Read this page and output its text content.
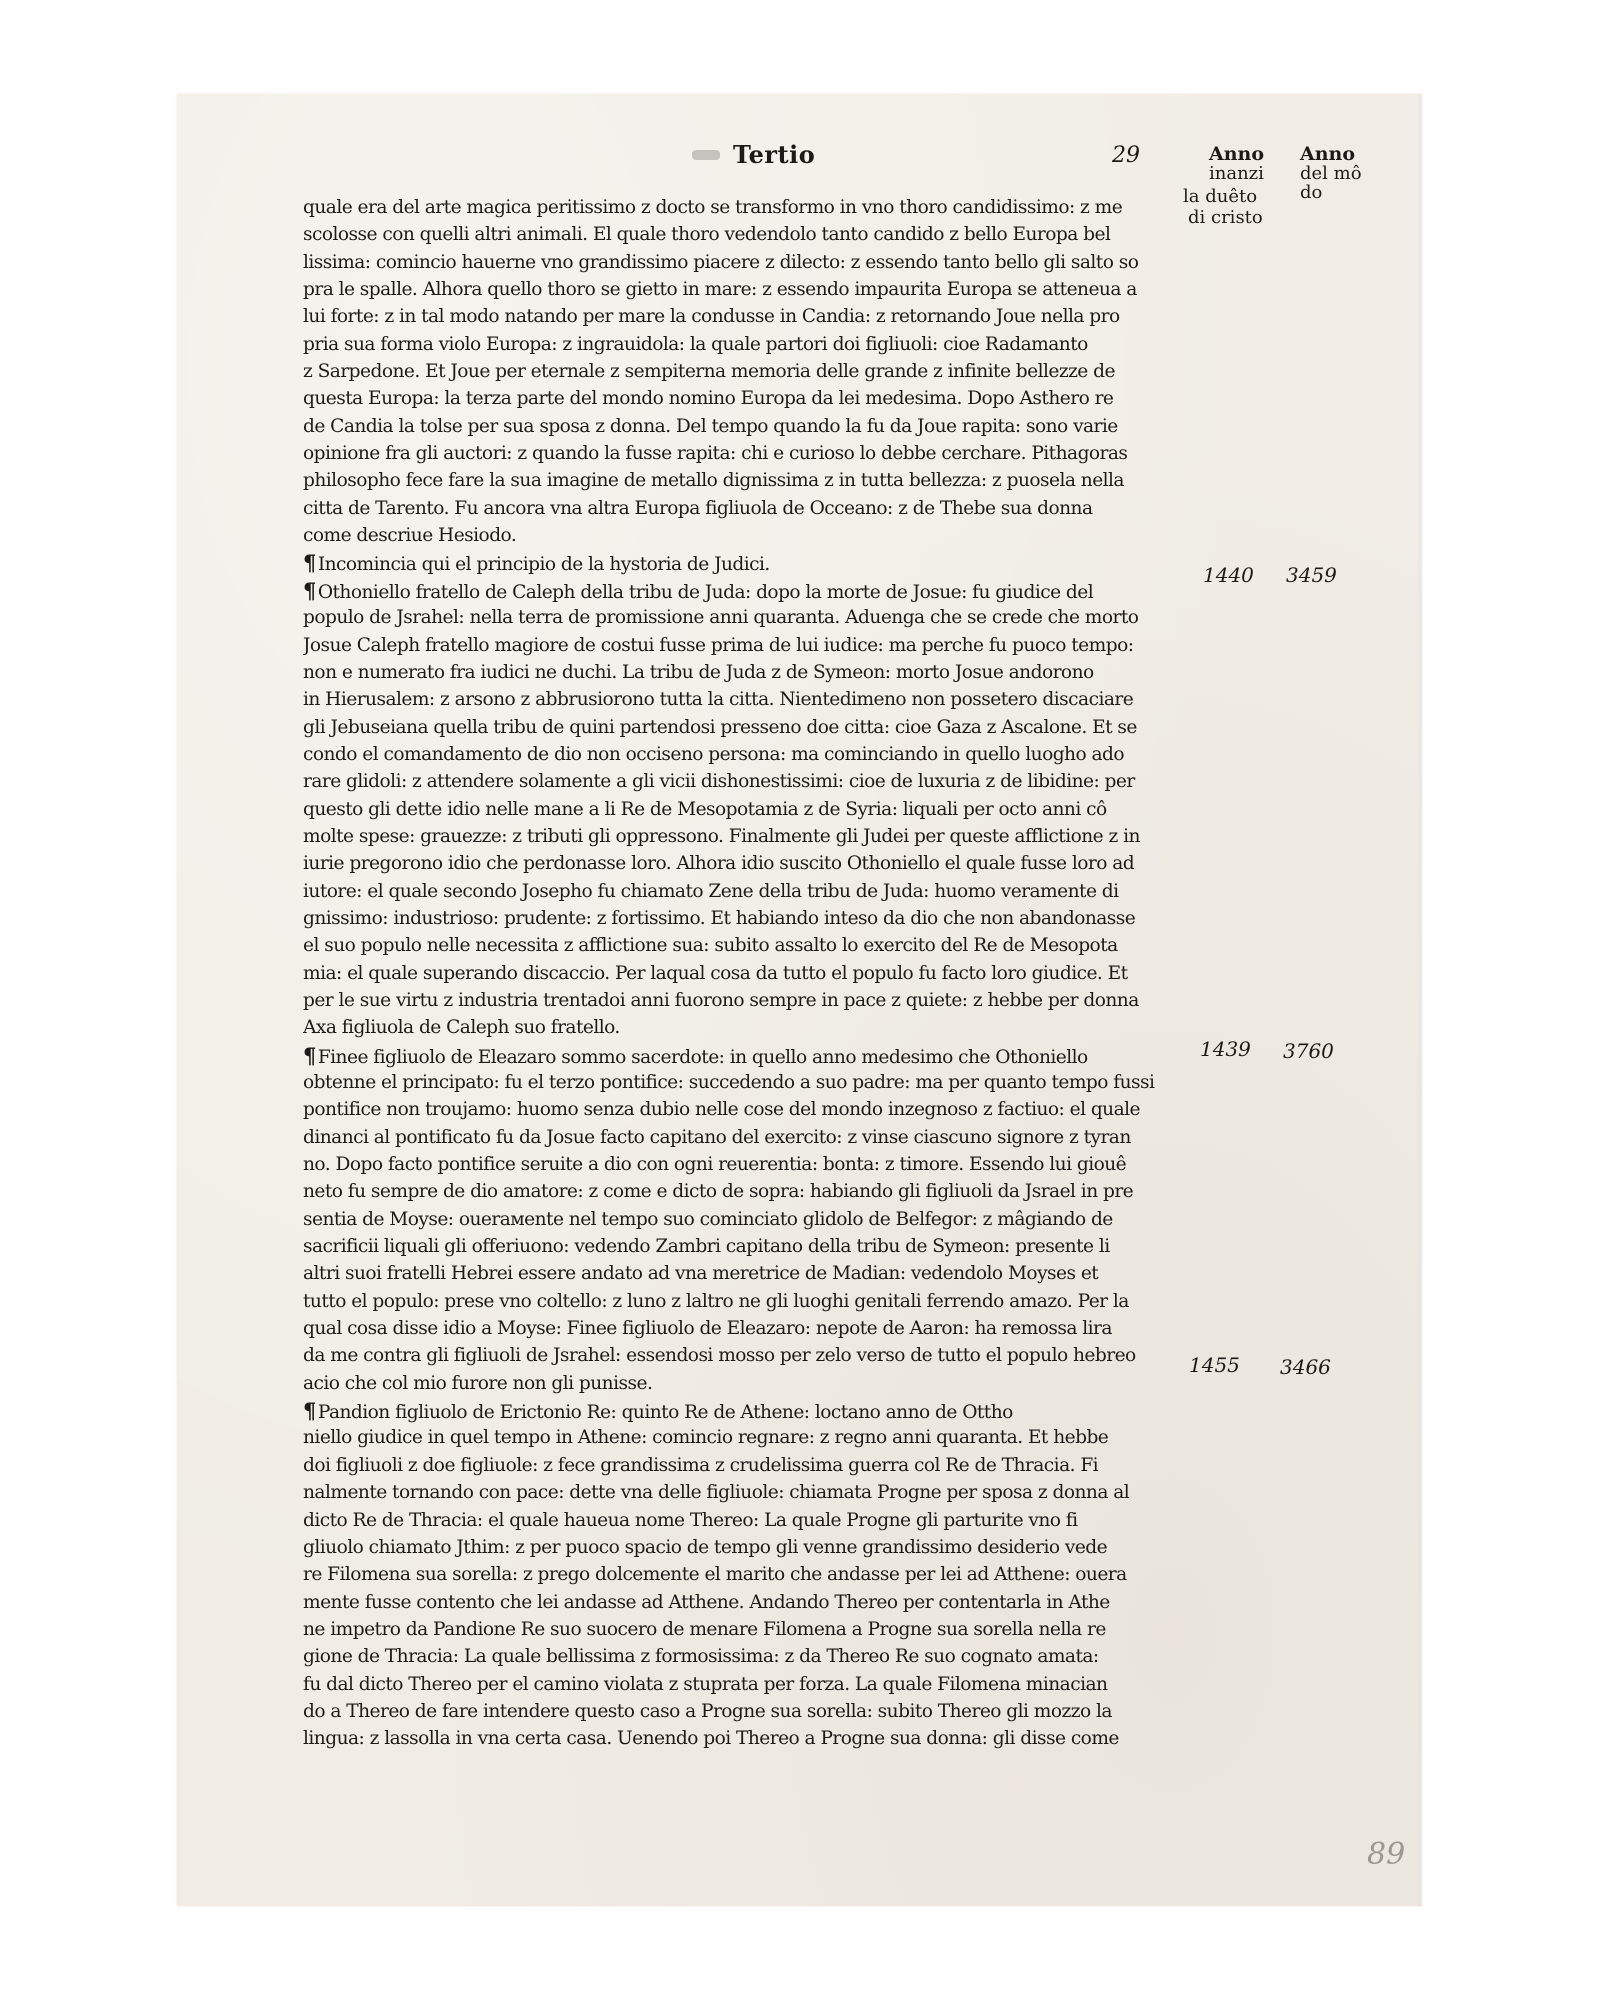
Tertio	29	Anno
inanzi
la duêto
di cristo
Anno
del mô
do
quale era del arte magica peritissimo z docto se transformo in vno thoro candidissimo: z me
scolosse con quelli altri animali. El quale thoro vedendolo tanto candido z bello Europa bel
lissima: comincio hauerne vno grandissimo piacere z dilecto: z essendo tanto bello gli salto so
pra le spalle. Alhora quello thoro se gietto in mare: z essendo impaurita Europa se atteneua a
lui forte: z in tal modo natando per mare la condusse in Candia: z retornando Joue nella pro
pria sua forma violo Europa: z ingrauidola: la quale partori doi figliuoli: cioe Radamanto
z Sarpedone. Et Joue per eternale z sempiterna memoria delle grande z infinite bellezze de
questa Europa: la terza parte del mondo nomino Europa da lei medesima. Dopo Asthero re
de Candia la tolse per sua sposa z donna. Del tempo quando la fu da Joue rapita: sono varie
opinione fra gli auctori: z quando la fusse rapita: chi e curioso lo debbe cerchare. Pithagoras
philosopho fece fare la sua imagine de metallo dignissima z in tutta bellezza: z puosela nella
citta de Tarento. Fu ancora vna altra Europa figliuola de Occeano: z de Thebe sua donna
come descriue Hesiodo.
¶ Incomincia qui el principio de la hystoria de Judici.
¶ Othoniello fratello de Caleph della tribu de Juda: dopo la morte de Josue: fu giudice del
populo de Jsrahel: nella terra de promissione anni quaranta. Aduenga che se crede che morto
Josue Caleph fratello magiore de costui fusse prima de lui iudice: ma perche fu puoco tempo:
non e numerato fra iudici ne duchi. La tribu de Juda z de Symeon: morto Josue andorono
in Hierusalem: z arsono z abbrusiorono tutta la citta. Nientedimeno non possetero discaciare
gli Jebuseiana quella tribu de quini partendosi presseno doe citta: cioe Gaza z Ascalone. Et se
condo el comandamento de dio non occiseno persona: ma cominciando in quello luogho ado
rare glidoli: z attendere solamente a gli vicii dishonestissimi: cioe de luxuria z de libidine: per
questo gli dette idio nelle mane a li Re de Mesopotamia z de Syria: liquali per octo anni cô
molte spese: grauezze: z tributi gli oppressono. Finalmente gli Judei per queste afflictione z in
iurie pregorono idio che perdonasse loro. Alhora idio suscito Othoniello el quale fusse loro ad
iutore: el quale secondo Josepho fu chiamato Zene della tribu de Juda: huomo veramente di
gnissimo: industrioso: prudente: z fortissimo. Et habiando inteso da dio che non abandonasse
el suo populo nelle necessita z afflictione sua: subito assalto lo exercito del Re de Mesopota
mia: el quale superando discaccio. Per laqual cosa da tutto el populo fu facto loro giudice. Et
per le sue virtu z industria trentadoi anni fuorono sempre in pace z quiete: z hebbe per donna
Axa figliuola de Caleph suo fratello.
¶ Finee figliuolo de Eleazaro sommo sacerdote: in quello anno medesimo che Othoniello
obtenne el principato: fu el terzo pontifice: succedendo a suo padre: ma per quanto tempo fussi
pontifice non troujamo: huomo senza dubio nelle cose del mondo inzegnoso z factiuo: el quale
dinanci al pontificato fu da Josue facto capitano del exercito: z vinse ciascuno signore z tyran
no. Dopo facto pontifice seruite a dio con ogni reuerentia: bonta: z timore. Essendo lui giouê
neto fu sempre de dio amatore: z come e dicto de sopra: habiando gli figliuoli da Jsrael in pre
sentia de Moyse: ouerамente nel tempo suo cominciato glidolo de Belfegor: z mâgiando de
sacrificii liquali gli offeriuono: vedendo Zambri capitano della tribu de Symeon: presente li
altri suoi fratelli Hebrei essere andato ad vna meretrice de Madian: vedendolo Moyses et
tutto el populo: prese vno coltello: z luno z laltro ne gli luoghi genitali ferrendo amazo. Per la
qual cosa disse idio a Moyse: Finee figliuolo de Eleazaro: nepote de Aaron: ha remossa lira
da me contra gli figliuoli de Jsrahel: essendosi mosso per zelo verso de tutto el populo hebreo
acio che col mio furore non gli punisse.
¶ Pandion figliuolo de Erictonio Re: quinto Re de Athene: loctano anno de Ottho
niello giudice in quel tempo in Athene: comincio regnare: z regno anni quaranta. Et hebbe
doi figliuoli z doe figliuole: z fece grandissima z crudelissima guerra col Re de Thracia. Fi
nalmente tornando con pace: dette vna delle figliuole: chiamata Progne per sposa z donna al
dicto Re de Thracia: el quale haueua nome Thereo: La quale Progne gli parturite vno fi
gliuolo chiamato Jthim: z per puoco spacio de tempo gli venne grandissimo desiderio vede
re Filomena sua sorella: z prego dolcemente el marito che andasse per lei ad Atthene: ouera
mente fusse contento che lei andasse ad Atthene. Andando Thereo per contentarla in Athe
ne impetro da Pandione Re suo suocero de menare Filomena a Progne sua sorella nella re
gione de Thracia: La quale bellissima z formosissima: z da Thereo Re suo cognato amata:
fu dal dicto Thereo per el camino violata z stuprata per forza. La quale Filomena minacian
do a Thereo de fare intendere questo caso a Progne sua sorella: subito Thereo gli mozzo la
lingua: z lassolla in vna certa casa. Uenendo poi Thereo a Progne sua donna: gli disse come
1440 3459
1439 3760
1455 3466
89
